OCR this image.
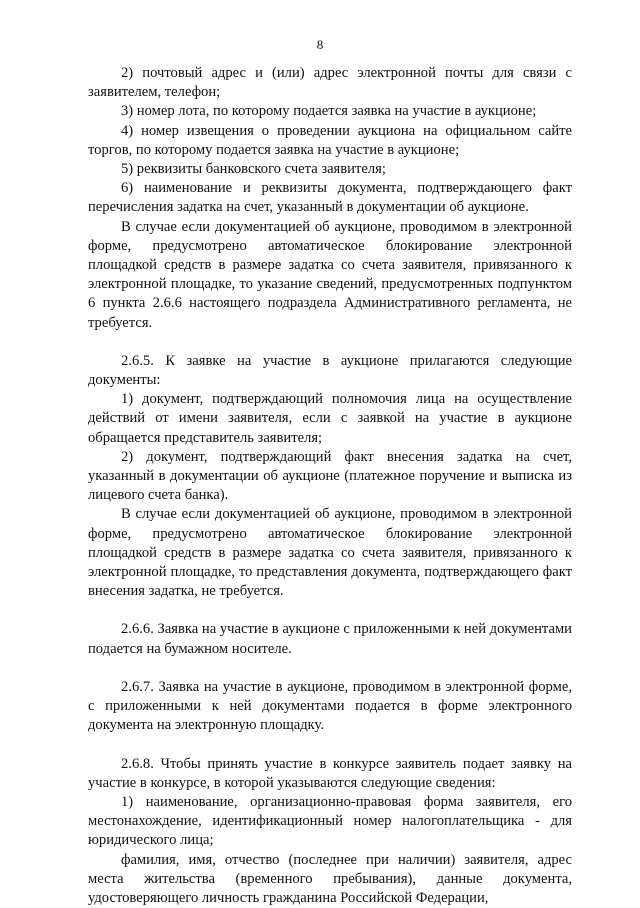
8

2) почтовый адрес и (или) адрес электронной почты для связи с заявителем, телефон;

3) номер лота, по которому подается заявка на участие в аукционе;

4) номер извещения о проведении аукциона на официальном сайте торгов, по которому подается заявка на участие в аукционе;

5) реквизиты банковского счета заявителя;

6) наименование и реквизиты документа, подтверждающего факт перечисления задатка на счет, указанный в документации об аукционе.

В случае если документацией об аукционе, проводимом в электронной форме, предусмотрено автоматическое блокирование электронной площадкой средств в размере задатка со счета заявителя, привязанного к электронной площадке, то указание сведений, предусмотренных подпунктом 6 пункта 2.6.6 настоящего подраздела Административного регламента, не требуется.

2.6.5. К заявке на участие в аукционе прилагаются следующие документы:

1) документ, подтверждающий полномочия лица на осуществление действий от имени заявителя, если с заявкой на участие в аукционе обращается представитель заявителя;

2) документ, подтверждающий факт внесения задатка на счет, указанный в документации об аукционе (платежное поручение и выписка из лицевого счета банка).

В случае если документацией об аукционе, проводимом в электронной форме, предусмотрено автоматическое блокирование электронной площадкой средств в размере задатка со счета заявителя, привязанного к электронной площадке, то представления документа, подтверждающего факт внесения задатка, не требуется.

2.6.6. Заявка на участие в аукционе с приложенными к ней документами подается на бумажном носителе.

2.6.7. Заявка на участие в аукционе, проводимом в электронной форме, с приложенными к ней документами подается в форме электронного документа на электронную площадку.

2.6.8. Чтобы принять участие в конкурсе заявитель подает заявку на участие в конкурсе, в которой указываются следующие сведения:

1) наименование, организационно-правовая форма заявителя, его местонахождение, идентификационный номер налогоплательщика - для юридического лица;

фамилия, имя, отчество (последнее при наличии) заявителя, адрес места жительства (временного пребывания), данные документа, удостоверяющего личность гражданина Российской Федерации,
